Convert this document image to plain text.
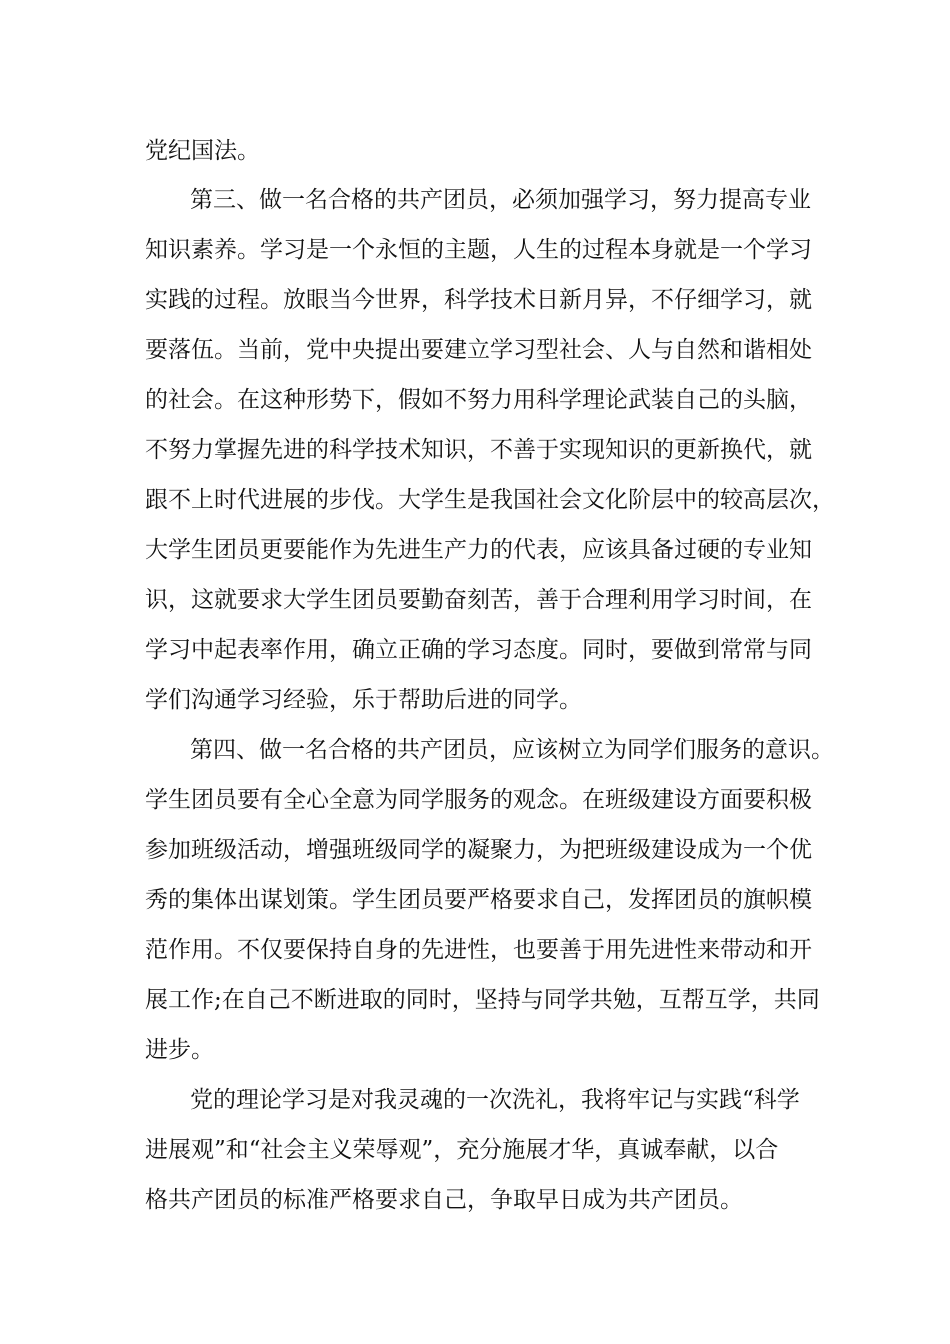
党纪国法。
第三、做一名合格的共产团员，必须加强学习，努力提高专业
知识素养。学习是一个永恒的主题，人生的过程本身就是一个学习
实践的过程。放眼当今世界，科学技术日新月异，不仔细学习，就
要落伍。当前，党中央提出要建立学习型社会、人与自然和谐相处
的社会。在这种形势下，假如不努力用科学理论武装自己的头脑，
不努力掌握先进的科学技术知识，不善于实现知识的更新换代，就
跟不上时代进展的步伐。大学生是我国社会文化阶层中的较高层次，
大学生团员更要能作为先进生产力的代表，应该具备过硬的专业知
识，这就要求大学生团员要勤奋刻苦，善于合理利用学习时间，在
学习中起表率作用，确立正确的学习态度。同时，要做到常常与同
学们沟通学习经验，乐于帮助后进的同学。
第四、做一名合格的共产团员，应该树立为同学们服务的意识。
学生团员要有全心全意为同学服务的观念。在班级建设方面要积极
参加班级活动，增强班级同学的凝聚力，为把班级建设成为一个优
秀的集体出谋划策。学生团员要严格要求自己，发挥团员的旗帜模
范作用。不仅要保持自身的先进性，也要善于用先进性来带动和开
展工作;在自己不断进取的同时，坚持与同学共勉，互帮互学，共同
进步。
党的理论学习是对我灵魂的一次洗礼，我将牢记与实践“科学
进展观”和“社会主义荣辱观”，充分施展才华，真诚奉献，以合
格共产团员的标准严格要求自己，争取早日成为共产团员。
